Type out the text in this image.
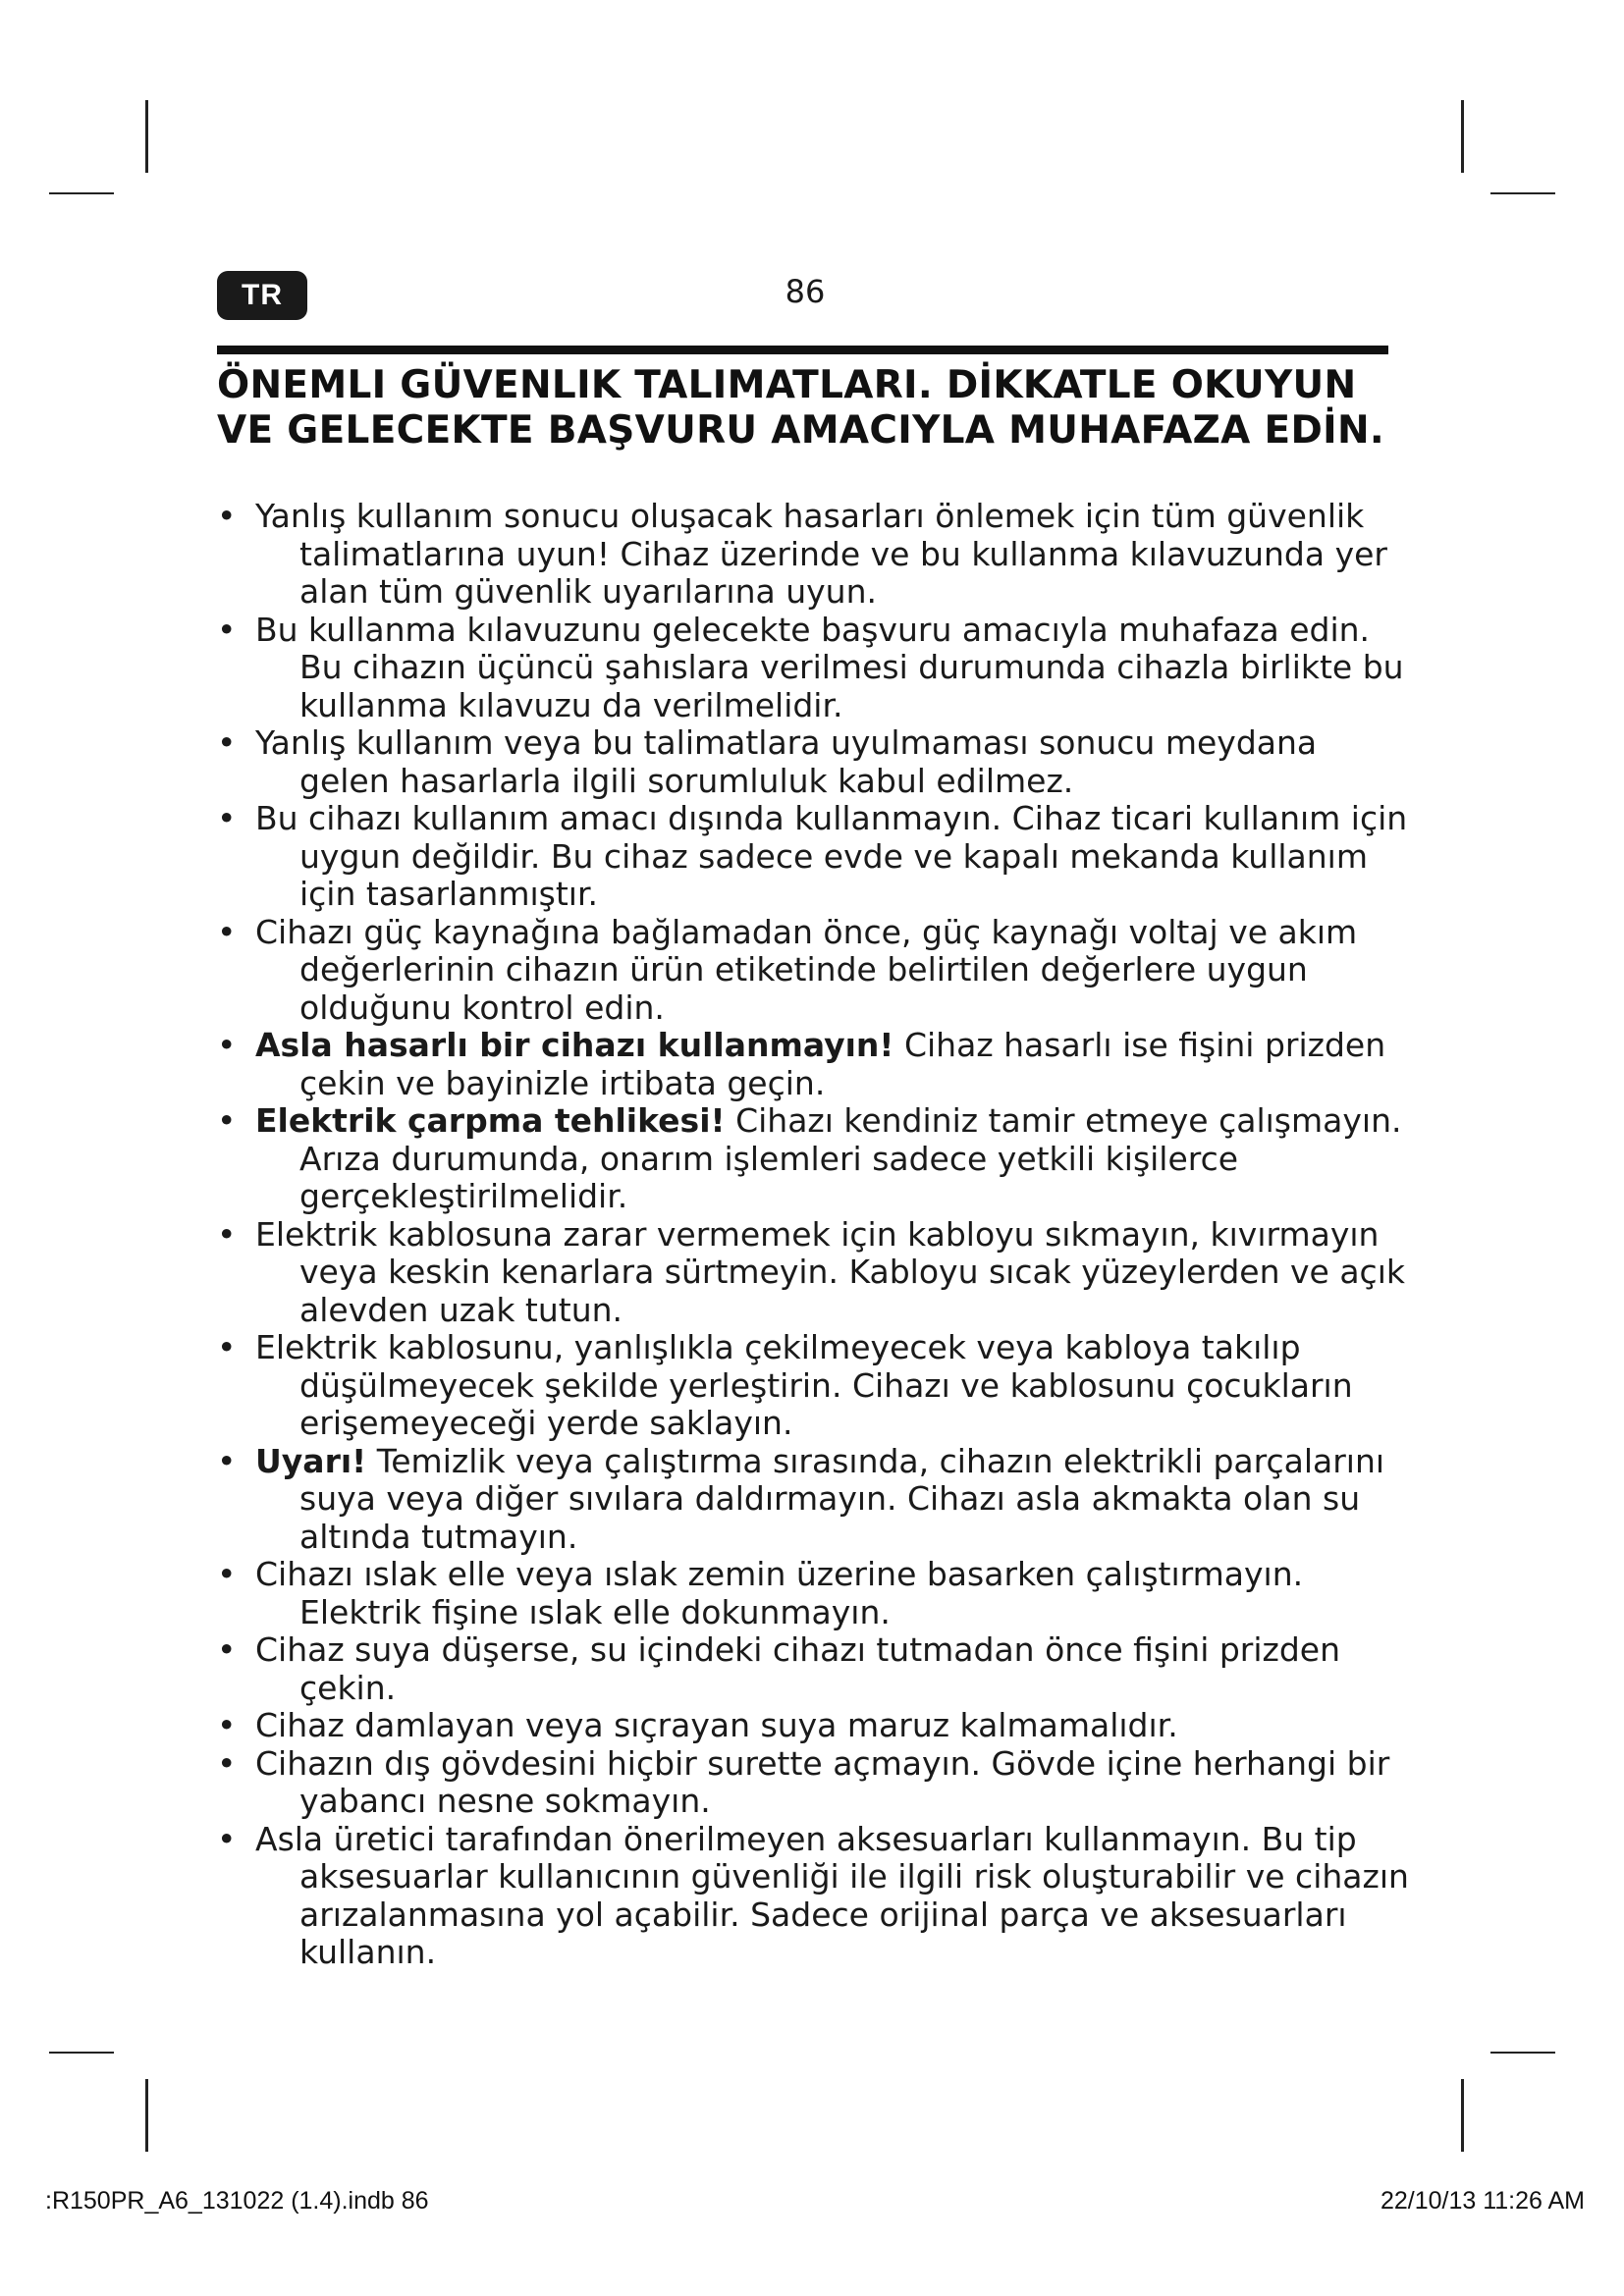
TR	86
ÖNEMLI GÜVENLIK TALIMATLARI. DİKKATLE OKUYUN VE GELECEKTE BAŞVURU AMACIYLA MUHAFAZA EDİN.
• Yanlış kullanım sonucu oluşacak hasarları önlemek için tüm güvenlik talimatlarına uyun! Cihaz üzerinde ve bu kullanma kılavuzunda yer alan tüm güvenlik uyarılarına uyun.
• Bu kullanma kılavuzunu gelecekte başvuru amacıyla muhafaza edin. Bu cihazın üçüncü şahıslara verilmesi durumunda cihazla birlikte bu kullanma kılavuzu da verilmelidir.
• Yanlış kullanım veya bu talimatlara uyulmaması sonucu meydana gelen hasarlarla ilgili sorumluluk kabul edilmez.
• Bu cihazı kullanım amacı dışında kullanmayın. Cihaz ticari kullanım için uygun değildir. Bu cihaz sadece evde ve kapalı mekanda kullanım için tasarlanmıştır.
• Cihazı güç kaynağına bağlamadan önce, güç kaynağı voltaj ve akım değerlerinin cihazın ürün etiketinde belirtilen değerlere uygun olduğunu kontrol edin.
• Asla hasarlı bir cihazı kullanmayın! Cihaz hasarlı ise fişini prizden çekin ve bayinizle irtibata geçin.
• Elektrik çarpma tehlikesi! Cihazı kendiniz tamir etmeye çalışmayın. Arıza durumunda, onarım işlemleri sadece yetkili kişilerce gerçekleştirilmelidir.
• Elektrik kablosuna zarar vermemek için kabloyu sıkmayın, kıvırmayın veya keskin kenarlara sürtmeyin. Kabloyu sıcak yüzeylerden ve açık alevden uzak tutun.
• Elektrik kablosunu, yanlışlıkla çekilmeyecek veya kabloya takılıp düşülmeyecek şekilde yerleştirin. Cihazı ve kablosunu çocukların erişemeyeceği yerde saklayın.
• Uyarı! Temizlik veya çalıştırma sırasında, cihazın elektrikli parçalarını suya veya diğer sıvılara daldırmayın. Cihazı asla akmakta olan su altında tutmayın.
• Cihazı ıslak elle veya ıslak zemin üzerine basarken çalıştırmayın. Elektrik fişine ıslak elle dokunmayın.
• Cihaz suya düşerse, su içindeki cihazı tutmadan önce fişini prizden çekin.
• Cihaz damlayan veya sıçrayan suya maruz kalmamalıdır.
• Cihazın dış gövdesini hiçbir surette açmayın. Gövde içine herhangi bir yabancı nesne sokmayın.
• Asla üretici tarafından önerilmeyen aksesuarları kullanmayın. Bu tip aksesuarlar kullanıcının güvenliği ile ilgili risk oluşturabilir ve cihazın arızalanmasına yol açabilir. Sadece orijinal parça ve aksesuarları kullanın.
:R150PR_A6_131022 (1.4).indb 86	22/10/13 11:26 AM
